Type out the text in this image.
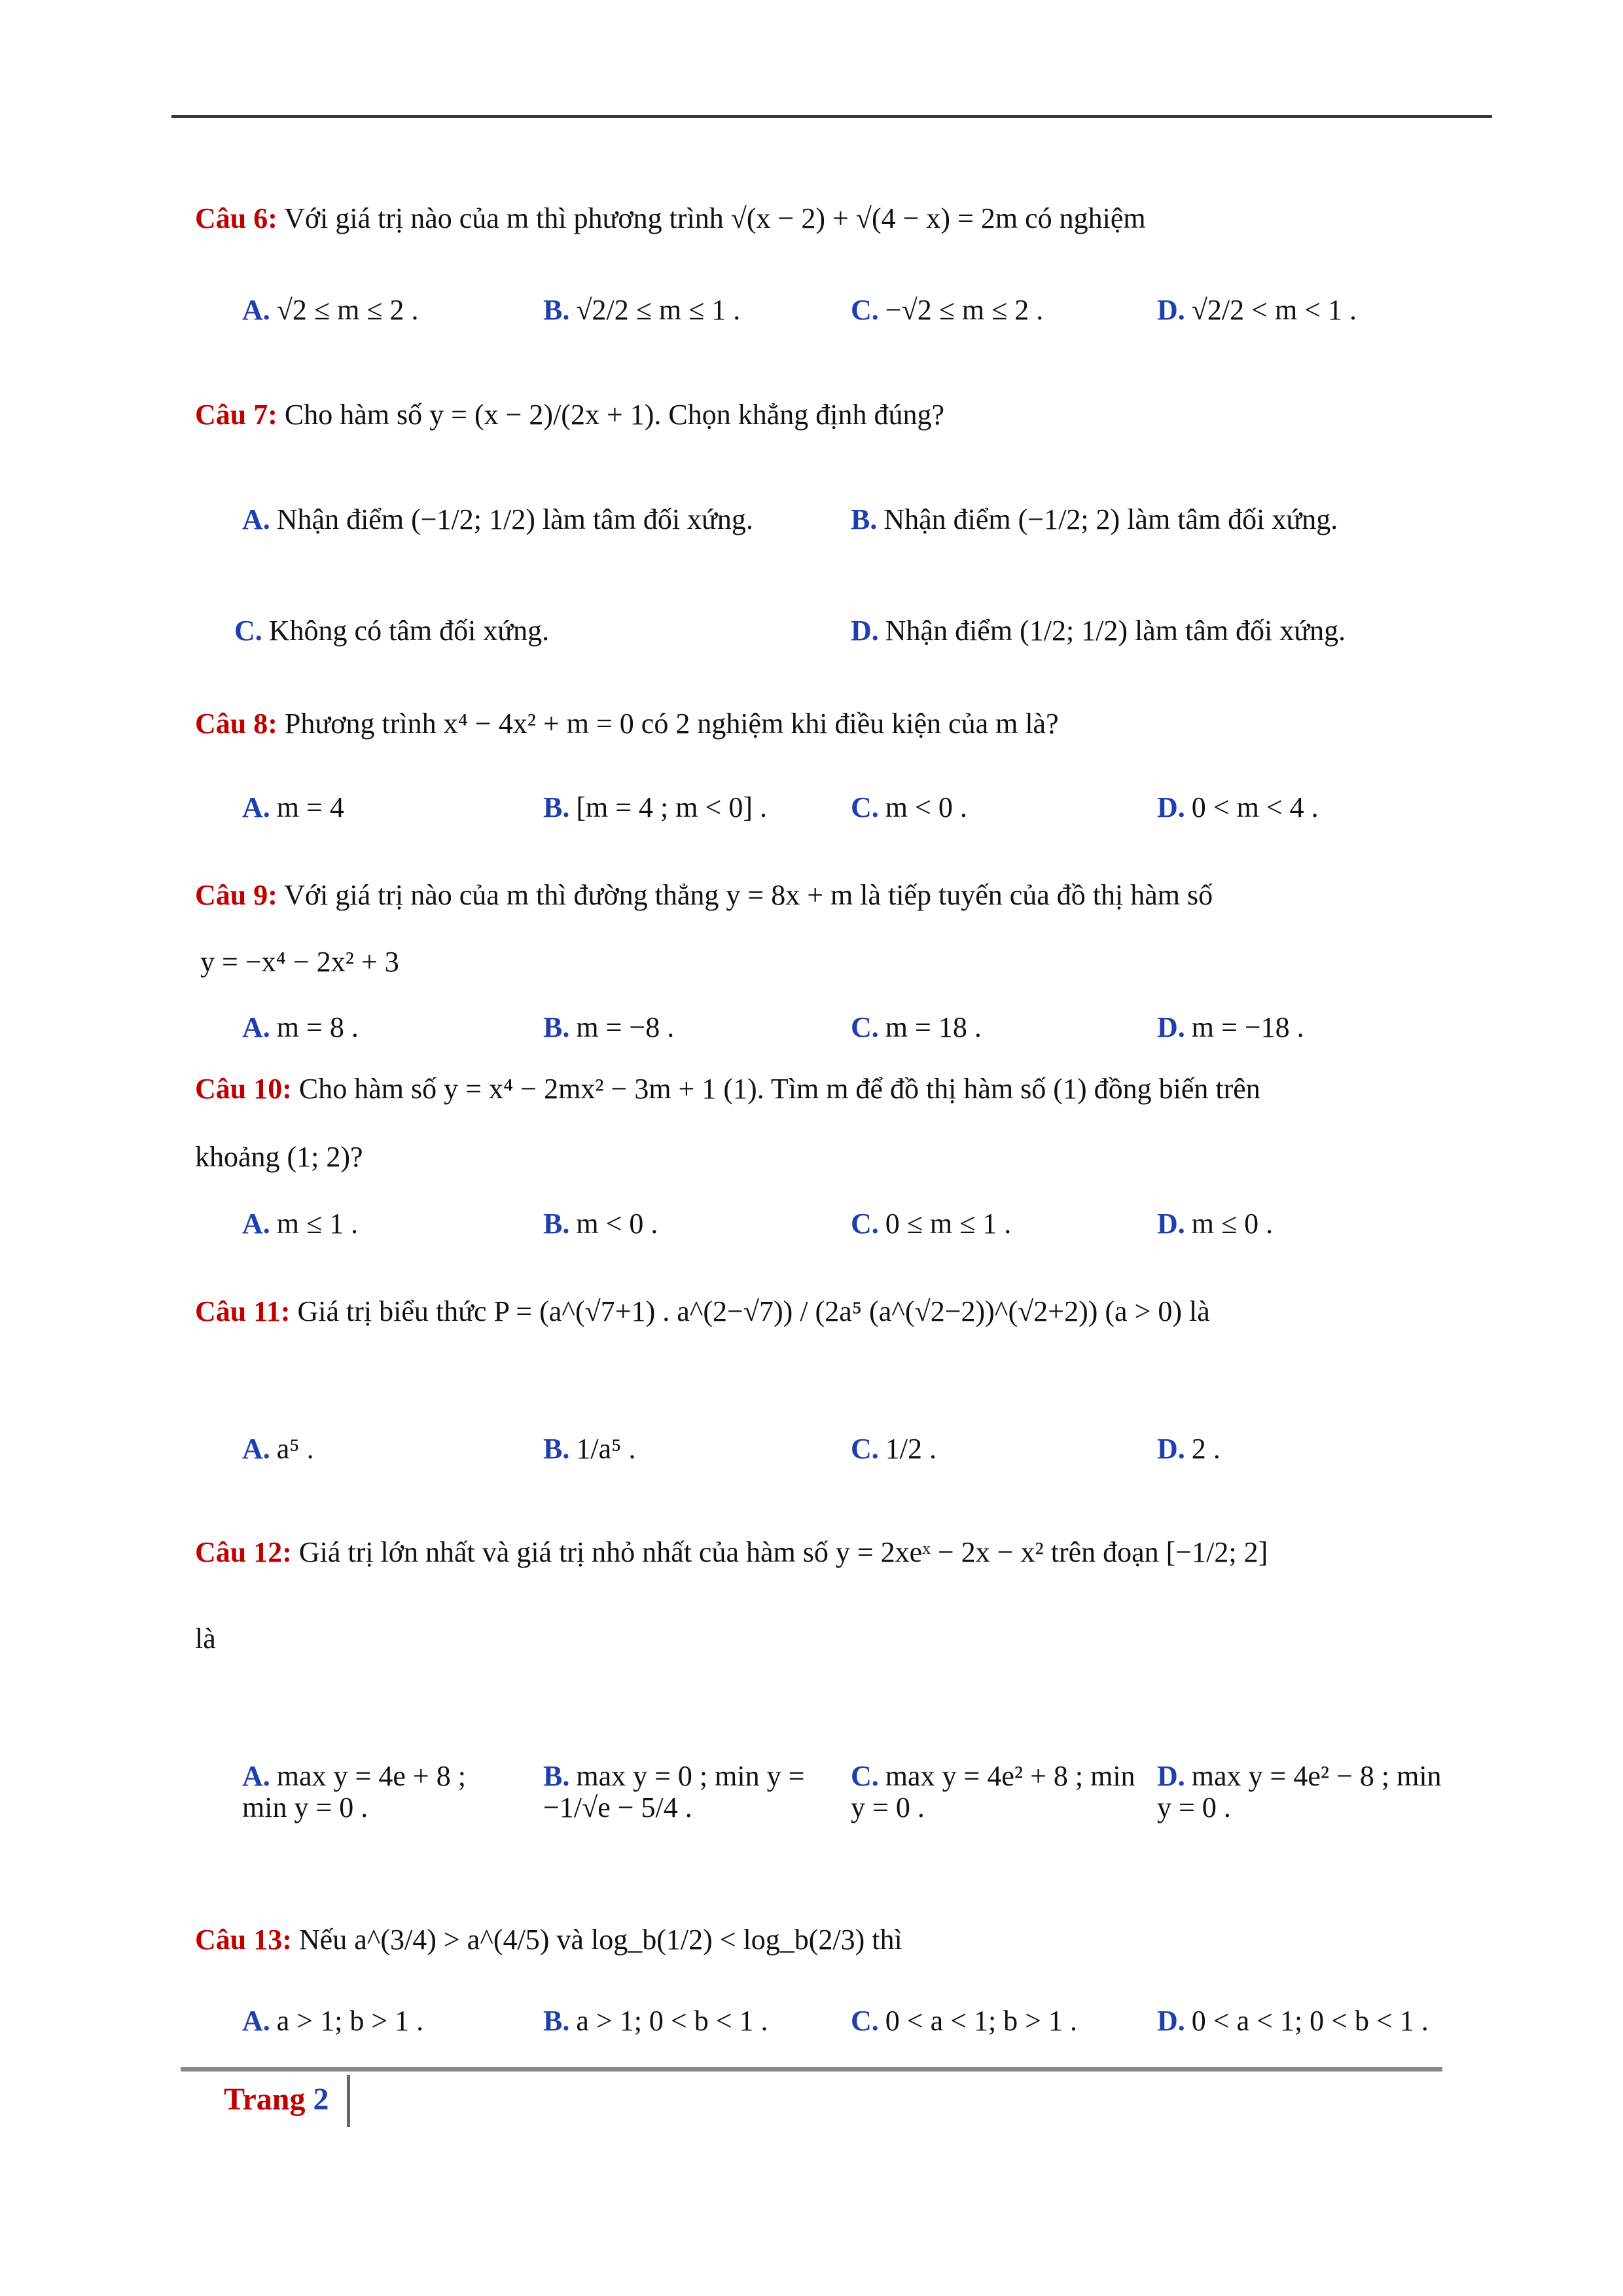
Câu 6: Với giá trị nào của m thì phương trình √(x − 2) + √(4 − x) = 2m có nghiệm
A. √2 ≤ m ≤ 2 .	B. √2/2 ≤ m ≤ 1 .	C. −√2 ≤ m ≤ 2 .	D. √2/2 < m < 1 .
Câu 7: Cho hàm số y = (x − 2)/(2x + 1). Chọn khẳng định đúng?
A. Nhận điểm (−1/2; 1/2) làm tâm đối xứng.	B. Nhận điểm (−1/2; 2) làm tâm đối xứng.
C. Không có tâm đối xứng.	D. Nhận điểm (1/2; 1/2) làm tâm đối xứng.
Câu 8: Phương trình x⁴ − 4x² + m = 0 có 2 nghiệm khi điều kiện của m là?
A. m = 4	B. [m = 4 ; m < 0] .	C. m < 0 .	D. 0 < m < 4 .
Câu 9: Với giá trị nào của m thì đường thẳng y = 8x + m là tiếp tuyến của đồ thị hàm số
y = −x⁴ − 2x² + 3
A. m = 8 .	B. m = −8 .	C. m = 18 .	D. m = −18 .
Câu 10: Cho hàm số y = x⁴ − 2mx² − 3m + 1 (1). Tìm m để đồ thị hàm số (1) đồng biến trên
khoảng (1; 2)?
A. m ≤ 1 .	B. m < 0 .	C. 0 ≤ m ≤ 1 .	D. m ≤ 0 .
Câu 11: Giá trị biểu thức P = (a^(√7+1) . a^(2−√7)) / (2a⁵ (a^(√2−2))^(√2+2)) (a > 0) là
A. a⁵ .	B. 1/a⁵ .	C. 1/2 .	D. 2 .
Câu 12: Giá trị lớn nhất và giá trị nhỏ nhất của hàm số y = 2xeˣ − 2x − x² trên đoạn [−1/2; 2]
là
A. max y = 4e + 8 ; min y = 0 .
B. max y = 0 ; min y = −1/√e − 5/4 .
C. max y = 4e² + 8 ; min y = 0 .
D. max y = 4e² − 8 ; min y = 0 .
Câu 13: Nếu a^(3/4) > a^(4/5) và log_b(1/2) < log_b(2/3) thì
A. a > 1; b > 1 .	B. a > 1; 0 < b < 1 .	C. 0 < a < 1; b > 1 .	D. 0 < a < 1; 0 < b < 1 .
Trang 2
